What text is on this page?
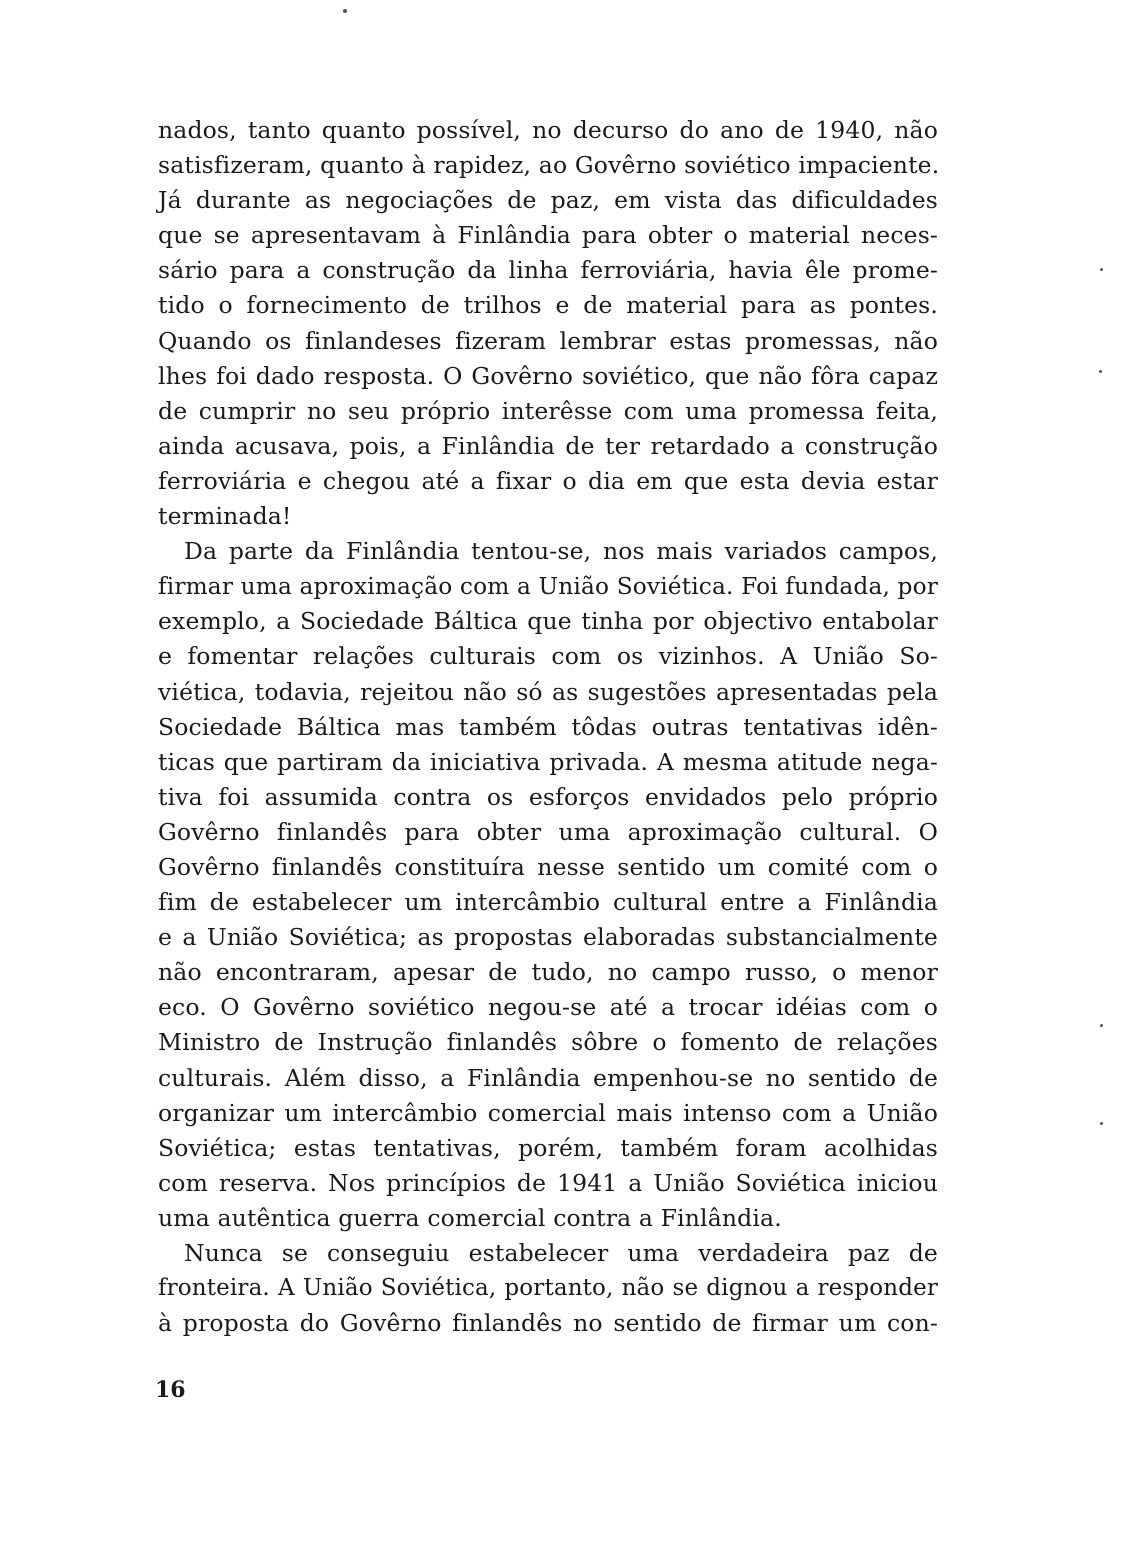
nados, tanto quanto possível, no decurso do ano de 1940, não
satisfizeram, quanto à rapidez, ao Govêrno soviético impaciente.
Já durante as negociações de paz, em vista das dificuldades
que se apresentavam à Finlândia para obter o material neces-
sário para a construção da linha ferroviária, havia êle prome-
tido o fornecimento de trilhos e de material para as pontes.
Quando os finlandeses fizeram lembrar estas promessas, não
lhes foi dado resposta. O Govêrno soviético, que não fôra capaz
de cumprir no seu próprio interêsse com uma promessa feita,
ainda acusava, pois, a Finlândia de ter retardado a construção
ferroviária e chegou até a fixar o dia em que esta devia estar
terminada!
Da parte da Finlândia tentou-se, nos mais variados campos,
firmar uma aproximação com a União Soviética. Foi fundada, por
exemplo, a Sociedade Báltica que tinha por objectivo entabolar
e fomentar relações culturais com os vizinhos. A União So-
viética, todavia, rejeitou não só as sugestões apresentadas pela
Sociedade Báltica mas também tôdas outras tentativas idên-
ticas que partiram da iniciativa privada. A mesma atitude nega-
tiva foi assumida contra os esforços envidados pelo próprio
Govêrno finlandês para obter uma aproximação cultural. O
Govêrno finlandês constituíra nesse sentido um comité com o
fim de estabelecer um intercâmbio cultural entre a Finlândia
e a União Soviética; as propostas elaboradas substancialmente
não encontraram, apesar de tudo, no campo russo, o menor
eco. O Govêrno soviético negou-se até a trocar idéias com o
Ministro de Instrução finlandês sôbre o fomento de relações
culturais. Além disso, a Finlândia empenhou-se no sentido de
organizar um intercâmbio comercial mais intenso com a União
Soviética; estas tentativas, porém, também foram acolhidas
com reserva. Nos princípios de 1941 a União Soviética iniciou
uma autêntica guerra comercial contra a Finlândia.
Nunca se conseguiu estabelecer uma verdadeira paz de
fronteira. A União Soviética, portanto, não se dignou a responder
à proposta do Govêrno finlandês no sentido de firmar um con-
16
